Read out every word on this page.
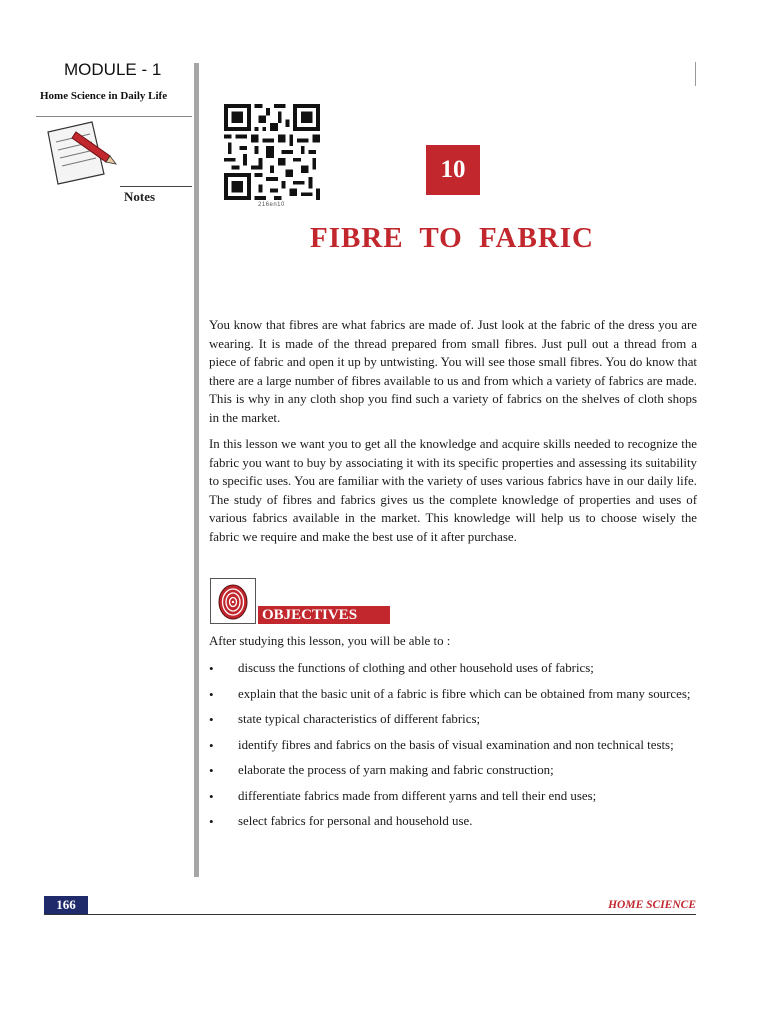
MODULE - 1
Home Science in Daily Life
Notes
216en10
10
FIBRE TO FABRIC

You know that fibres are what fabrics are made of. Just look at the fabric of the dress you are wearing. It is made of the thread prepared from small fibres. Just pull out a thread from a piece of fabric and open it up by untwisting. You will see those small fibres. You do know that there are a large number of fibres available to us and from which a variety of fabrics are made. This is why in any cloth shop you find such a variety of fabrics on the shelves of cloth shops in the market.

In this lesson we want you to get all the knowledge and acquire skills needed to recognize the fabric you want to buy by associating it with its specific properties and assessing its suitability to specific uses. You are familiar with the variety of uses various fabrics have in our daily life. The study of fibres and fabrics gives us the complete knowledge of properties and uses of various fabrics available in the market. This knowledge will help us to choose wisely the fabric we require and make the best use of it after purchase.

OBJECTIVES
After studying this lesson, you will be able to :
• discuss the functions of clothing and other household uses of fabrics;
• explain that the basic unit of a fabric is fibre which can be obtained from many sources;
• state typical characteristics of different fabrics;
• identify fibres and fabrics on the basis of visual examination and non technical tests;
• elaborate the process of yarn making and fabric construction;
• differentiate fabrics made from different yarns and tell their end uses;
• select fabrics for personal and household use.
166	HOME SCIENCE
